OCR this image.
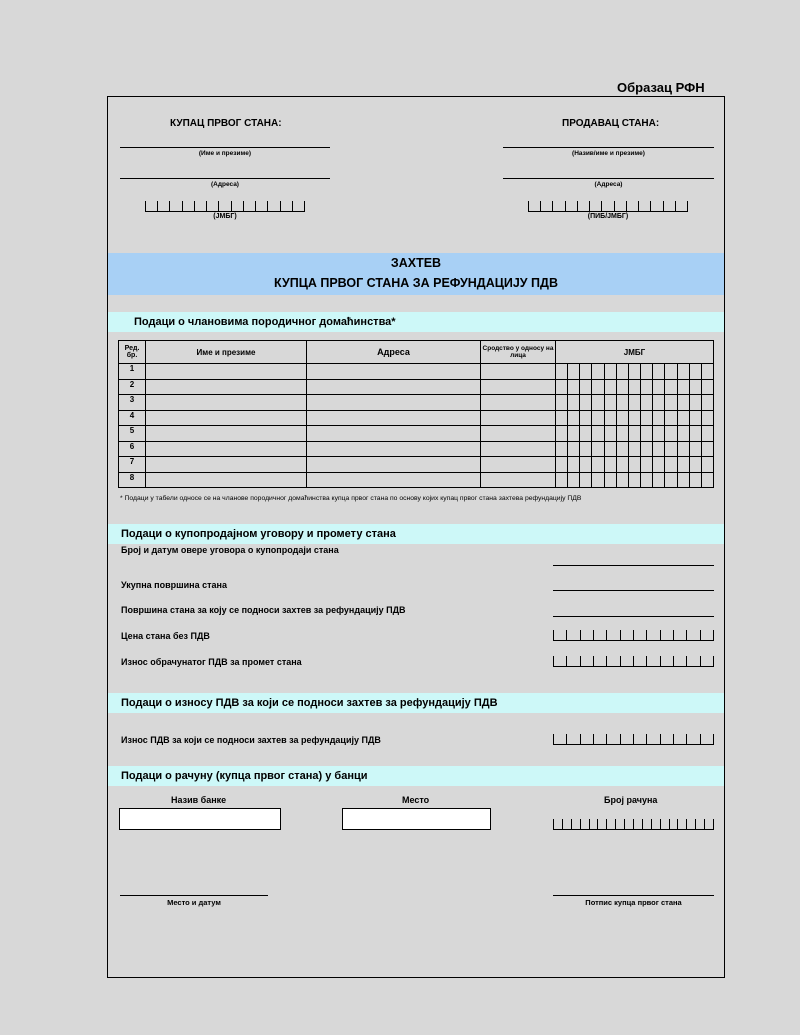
Образац РФН
КУПАЦ ПРВОГ СТАНА:
(Име и презиме)
(Адреса)
(ЈМБГ)
ПРОДАВАЦ СТАНА:
(Назив/име и презиме)
(Адреса)
(ПИБ/ЈМБГ)
ЗАХТЕВ
КУПЦА ПРВОГ СТАНА ЗА РЕФУНДАЦИЈУ ПДВ
Подаци о члановима породичног домаћинства*
Ред. бр.	Име и презиме	Адреса	Сродство у односу на лица	ЈМБГ
1				

2				

3				

4				

5				

6				

7				

8				
* Подаци у табели односе се на чланове породичног домаћинства купца првог стана по основу којих купац првог стана захтева рефундацију ПДВ
Подаци о купопродајном уговору и промету стана
Број и датум овере уговора о купопродаји стана
Укупна површина стана
Површина стана за коју се подноси захтев за рефундацију ПДВ
Цена стана без ПДВ
Износ обрачунатог ПДВ за промет стана
Подаци о износу ПДВ за који се подноси захтев за рефундацију ПДВ
Износ ПДВ за који се подноси захтев за рефундацију ПДВ
Подаци о рачуну (купца првог стана) у банци
Назив банке	Место	Број рачуна
Место и датум	Потпис купца првог стана
